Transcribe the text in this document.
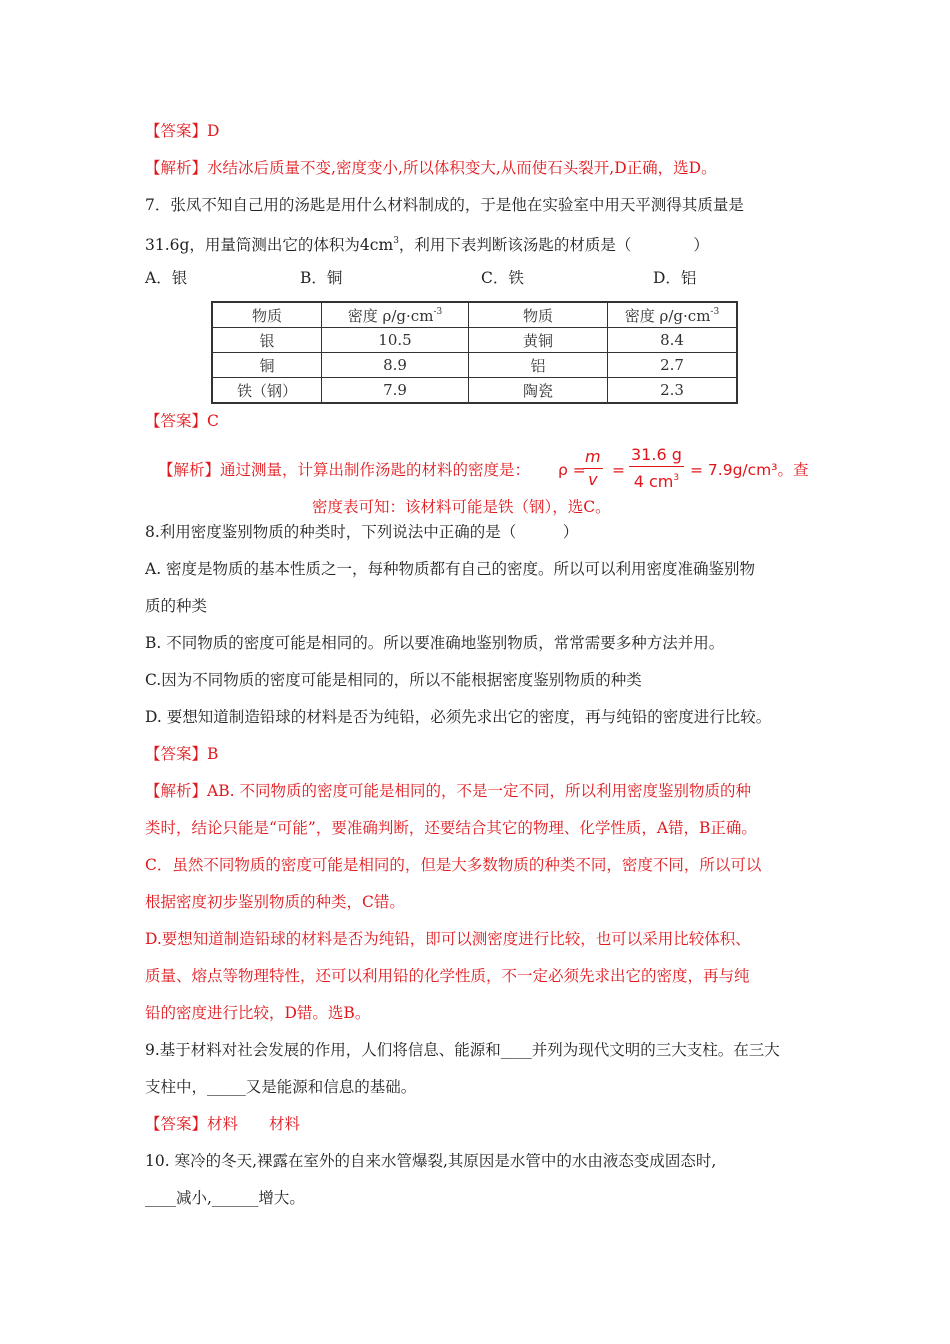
【答案】D
【解析】水结冰后质量不变,密度变小,所以体积变大,从而使石头裂开,D正确，选D。
7．张凤不知自己用的汤匙是用什么材料制成的，于是他在实验室中用天平测得其质量是
31.6g，用量筒测出它的体积为$4cm^3$，利用下表判断该汤匙的材质是（　　　　）
A．银	B．铜	C．铁	D．铝
物质	密度 $\rho/g\cdot cm^{-3}$	物质	密度 $\rho/g\cdot cm^{-3}$
银	10.5	黄铜	8.4
铜	8.9	铝	2.7
铁（钢）	7.9	陶瓷	2.3
【答案】C
【解析】通过测量，计算出制作汤匙的材料的密度是： ρ =
$\frac{m}{v} = \frac{31.6 g}{4 cm^3} = 7.9g/cm^3$。查
密度表可知：该材料可能是铁（钢），选C。
8.利用密度鉴别物质的种类时，下列说法中正确的是（　　　）
A. 密度是物质的基本性质之一，每种物质都有自己的密度。所以可以利用密度准确鉴别物
质的种类
B. 不同物质的密度可能是相同的。所以要准确地鉴别物质，常常需要多种方法并用。
C.因为不同物质的密度可能是相同的，所以不能根据密度鉴别物质的种类
D. 要想知道制造铅球的材料是否为纯铅，必须先求出它的密度，再与纯铅的密度进行比较。
【答案】B
【解析】AB. 不同物质的密度可能是相同的，不是一定不同，所以利用密度鉴别物质的种
类时，结论只能是“可能”，要准确判断，还要结合其它的物理、化学性质，A错，B正确。
C．虽然不同物质的密度可能是相同的，但是大多数物质的种类不同，密度不同，所以可以
根据密度初步鉴别物质的种类，C错。
D.要想知道制造铅球的材料是否为纯铅，即可以测密度进行比较，也可以采用比较体积、
质量、熔点等物理特性，还可以利用铅的化学性质，不一定必须先求出它的密度，再与纯
铅的密度进行比较，D错。选B。
9.基于材料对社会发展的作用，人们将信息、能源和____并列为现代文明的三大支柱。在三大
支柱中，_____又是能源和信息的基础。
【答案】材料　　材料
10. 寒冷的冬天,裸露在室外的自来水管爆裂,其原因是水管中的水由液态变成固态时,
____减小,______增大。
